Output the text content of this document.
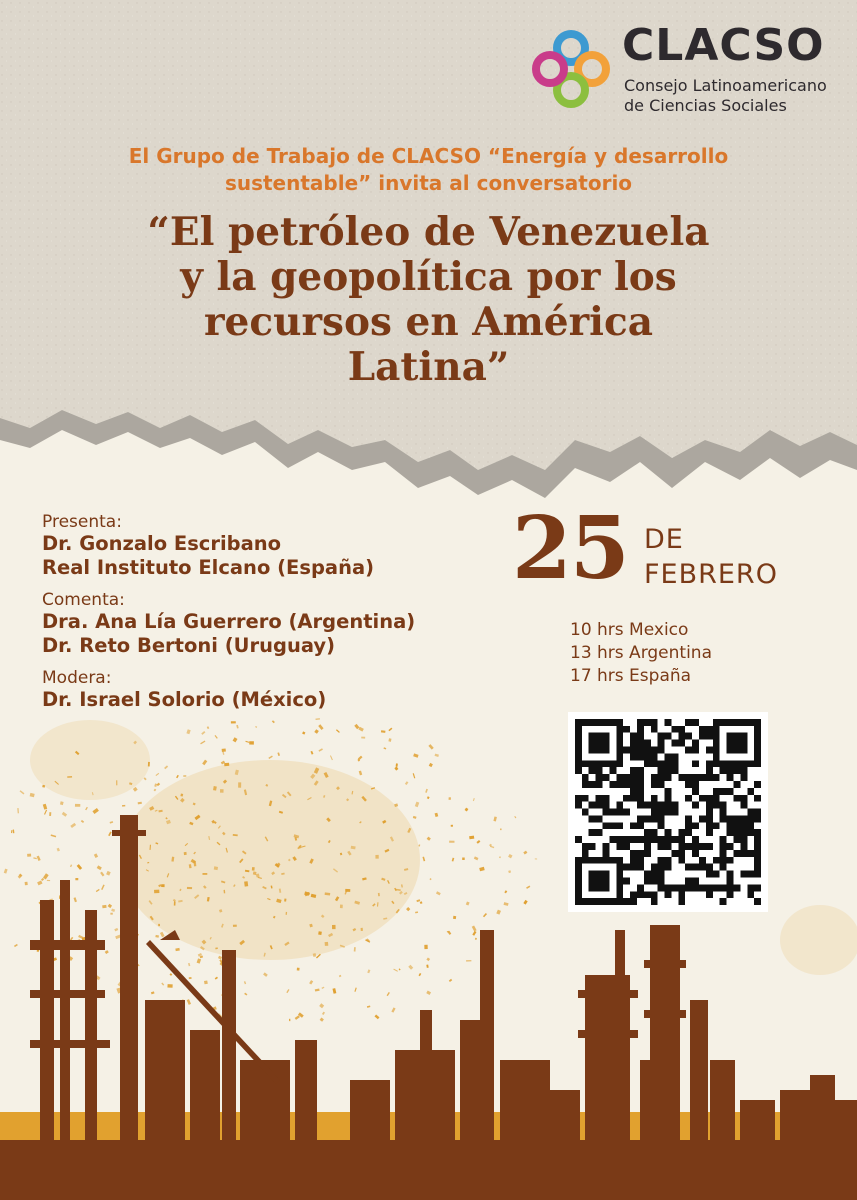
CLACSO
Consejo Latinoamericano
de Ciencias Sociales
El Grupo de Trabajo de CLACSO “Energía y desarrollo
sustentable” invita al conversatorio
“El petróleo de Venezuela
y la geopolítica por los
recursos en América
Latina”
Presenta:
Dr. Gonzalo Escribano
Real Instituto Elcano (España)
Comenta:
Dra. Ana Lía Guerrero (Argentina)
Dr. Reto Bertoni (Uruguay)
Modera:
Dr. Israel Solorio (México)
25 DE
FEBRERO
10 hrs Mexico
13 hrs Argentina
17 hrs España
